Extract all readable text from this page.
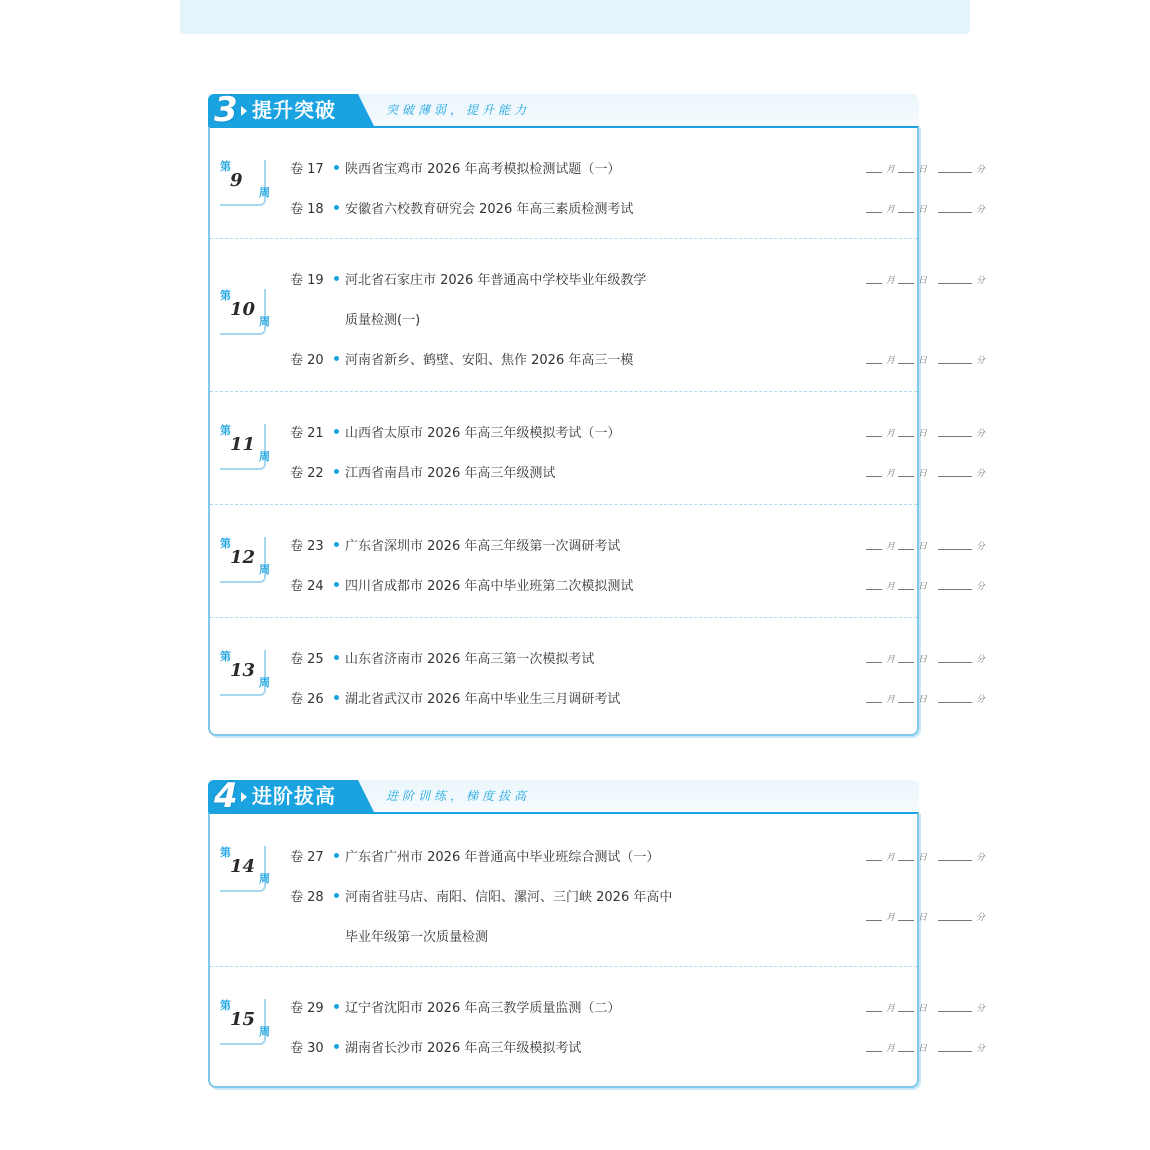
3 提升突破	突破薄弱，提升能力
第
9
周
卷 17 陕西省宝鸡市 2026 年高考模拟检测试题（一）	月	日	分
卷 18 安徽省六校教育研究会 2026 年高三素质检测考试	月	日	分
第
10
周
卷 19 河北省石家庄市 2026 年普通高中学校毕业年级教学
质量检测(一)
月	日	分
卷 20 河南省新乡、鹤壁、安阳、焦作 2026 年高三一模	月	日	分
第
11
周
卷 21 山西省太原市 2026 年高三年级模拟考试（一）	月	日	分
卷 22 江西省南昌市 2026 年高三年级测试	月	日	分
第
12
周
卷 23 广东省深圳市 2026 年高三年级第一次调研考试	月	日	分
卷 24 四川省成都市 2026 年高中毕业班第二次模拟测试	月	日	分
第
13
周
卷 25 山东省济南市 2026 年高三第一次模拟考试	月	日	分
卷 26 湖北省武汉市 2026 年高中毕业生三月调研考试	月	日	分
4 进阶拔高	进阶训练，梯度拔高
第
14
周
卷 27 广东省广州市 2026 年普通高中毕业班综合测试（一）	月	日	分
卷 28 河南省驻马店、南阳、信阳、漯河、三门峡 2026 年高中
毕业年级第一次质量检测
月	日	分
第
15
周
卷 29 辽宁省沈阳市 2026 年高三教学质量监测（二）	月	日	分
卷 30 湖南省长沙市 2026 年高三年级模拟考试	月	日	分
